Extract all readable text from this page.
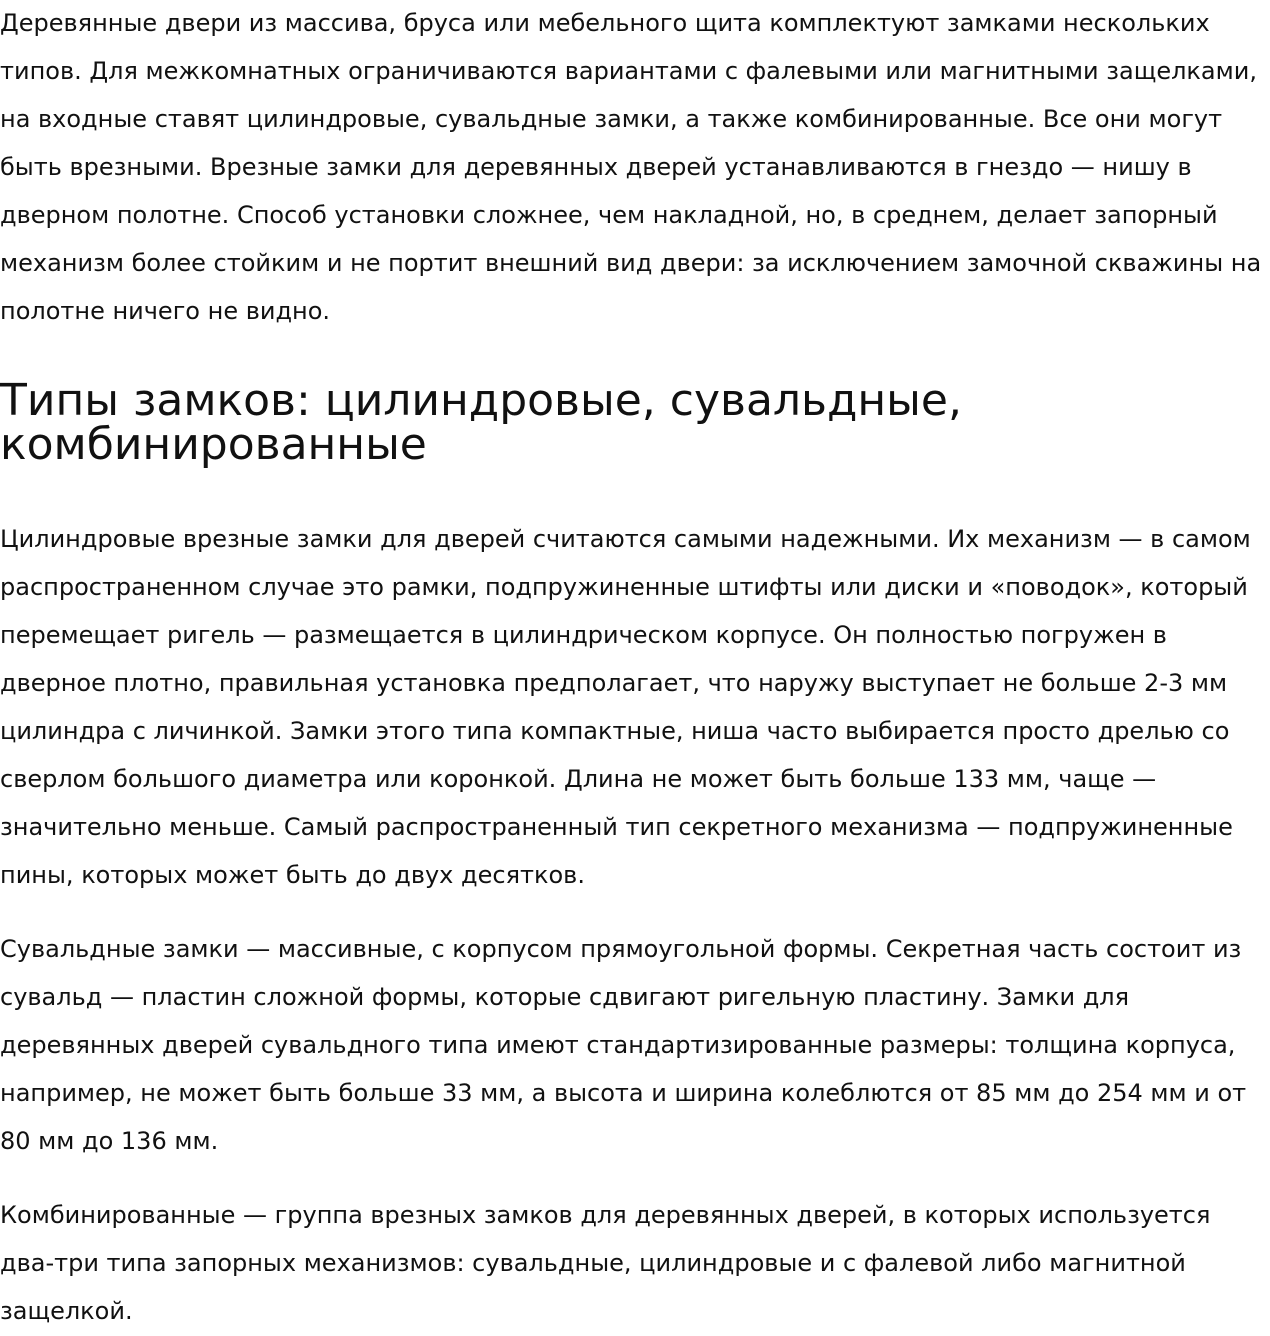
Деревянные двери из массива, бруса или мебельного щита комплектуют замками нескольких типов. Для межкомнатных ограничиваются вариантами с фалевыми или магнитными защелками, на входные ставят цилиндровые, сувальдные замки, а также комбинированные. Все они могут быть врезными. Врезные замки для деревянных дверей устанавливаются в гнездо — нишу в дверном полотне. Способ установки сложнее, чем накладной, но, в среднем, делает запорный механизм более стойким и не портит внешний вид двери: за исключением замочной скважины на полотне ничего не видно.

Типы замков: цилиндровые, сувальдные, комбинированные

Цилиндровые врезные замки для дверей считаются самыми надежными. Их механизм — в самом распространенном случае это рамки, подпружиненные штифты или диски и «поводок», который перемещает ригель — размещается в цилиндрическом корпусе. Он полностью погружен в дверное плотно, правильная установка предполагает, что наружу выступает не больше 2-3 мм цилиндра с личинкой. Замки этого типа компактные, ниша часто выбирается просто дрелью со сверлом большого диаметра или коронкой. Длина не может быть больше 133 мм, чаще — значительно меньше. Самый распространенный тип секретного механизма — подпружиненные пины, которых может быть до двух десятков.

Сувальдные замки — массивные, с корпусом прямоугольной формы. Секретная часть состоит из сувальд — пластин сложной формы, которые сдвигают ригельную пластину. Замки для деревянных дверей сувальдного типа имеют стандартизированные размеры: толщина корпуса, например, не может быть больше 33 мм, а высота и ширина колеблются от 85 мм до 254 мм и от 80 мм до 136 мм.

Комбинированные — группа врезных замков для деревянных дверей, в которых используется два-три типа запорных механизмов: сувальдные, цилиндровые и с фалевой либо магнитной защелкой.
